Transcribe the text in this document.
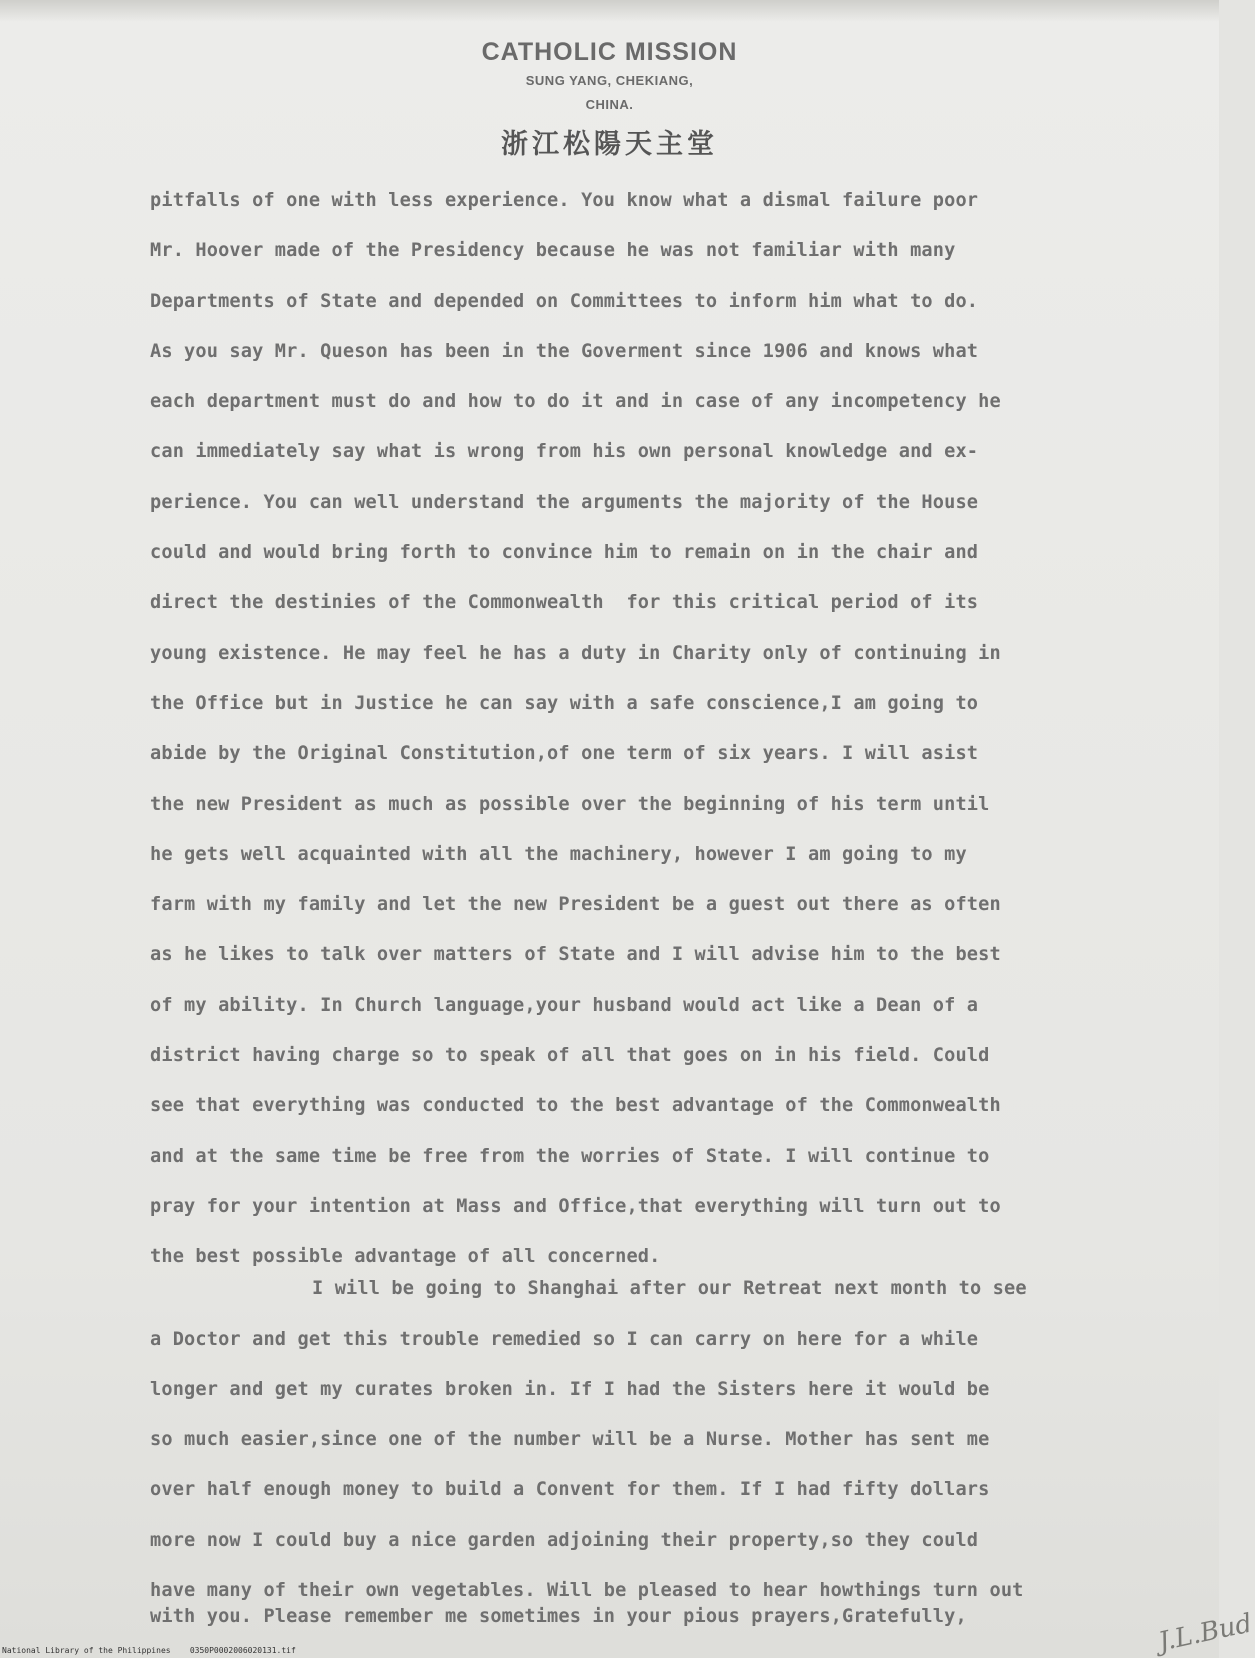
CATHOLIC MISSION
SUNG YANG, CHEKIANG,
CHINA.
浙江松陽天主堂
pitfalls of one with less experience. You know what a dismal failure poor
Mr. Hoover made of the Presidency because he was not familiar with many
Departments of State and depended on Committees to inform him what to do.
As you say Mr. Queson has been in the Goverment since 1906 and knows what
each department must do and how to do it and in case of any incompetency he
can immediately say what is wrong from his own personal knowledge and ex-
perience. You can well understand the arguments the majority of the House
could and would bring forth to convince him to remain on in the chair and
direct the destinies of the Commonwealth  for this critical period of its
young existence. He may feel he has a duty in Charity only of continuing in
the Office but in Justice he can say with a safe conscience,I am going to
abide by the Original Constitution,of one term of six years. I will asist
the new President as much as possible over the beginning of his term until
he gets well acquainted with all the machinery, however I am going to my
farm with my family and let the new President be a guest out there as often
as he likes to talk over matters of State and I will advise him to the best
of my ability. In Church language,your husband would act like a Dean of a
district having charge so to speak of all that goes on in his field. Could
see that everything was conducted to the best advantage of the Commonwealth
and at the same time be free from the worries of State. I will continue to
pray for your intention at Mass and Office,that everything will turn out to
the best possible advantage of all concerned.
I will be going to Shanghai after our Retreat next month to see
a Doctor and get this trouble remedied so I can carry on here for a while
longer and get my curates broken in. If I had the Sisters here it would be
so much easier,since one of the number will be a Nurse. Mother has sent me
over half enough money to build a Convent for them. If I had fifty dollars
more now I could buy a nice garden adjoining their property,so they could
have many of their own vegetables. Will be pleased to hear howthings turn out
with you. Please remember me sometimes in your pious prayers,Gratefully,	J.L.Bud
National Library of the Philippines    0350P0002006020131.tif
